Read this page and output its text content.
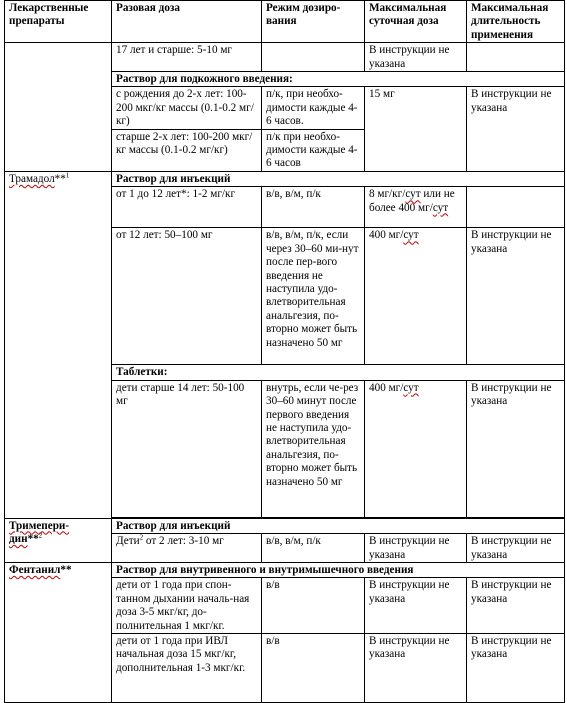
Лекарственные препараты	Разовая доза	Режим дозиро-вания	Максимальная суточная доза	Максимальная длительность применения
	17 лет и старше: 5-10 мг		В инструкции не указана	
	Раствор для подкожного введения:			
	с рождения до 2-х лет: 100-200 мкг/кг массы (0.1-0.2 мг/кг)	п/к, при необхо-димости каждые 4-6 часов.	15 мг	В инструкции не указана
	старше 2-х лет: 100-200 мкг/кг массы (0.1-0.2 мг/кг)	п/к при необхо-димости каждые 4-6 часов		
Трамадол**$^1$	Раствор для инъекций			
	от 1 до 12 лет*: 1-2 мг/кг	в/в, в/м, п/к	8 мг/кг/сут или не более 400 мг/сут	
	от 12 лет: 50–100 мг	в/в, в/м, п/к, если через 30–60 ми-нут после пер-вого введения не наступила удо-влетворительная анальгезия, по-вторно может быть назначено 50 мг	400 мг/сут	В инструкции не указана
	Таблетки:			
	дети старше 14 лет: 50-100 мг	внутрь, если че-рез 30–60 минут после первого введения не наступила удо-влетворительная анальгезия, по-вторно может быть назначено 50 мг	400 мг/сут	В инструкции не указана

Тримепери-
дин**$^2$	Раствор для инъекций			
	Дети$^2$ от 2 лет: 3-10 мг	в/в, в/м, п/к	В инструкции не указана	В инструкции не указана
Фентанил**	Раствор для внутривенного и внутримышечного введения			
	дети от 1 года при спон-танном дыхании началь-ная доза 3-5 мкг/кг, до-полнительная 1 мкг/кг.	в/в	В инструкции не указана	В инструкции не указана
	дети от 1 года при ИВЛ начальная доза 15 мкг/кг, дополнительная 1-3 мкг/кг.	в/в	В инструкции не указана	В инструкции не указана
